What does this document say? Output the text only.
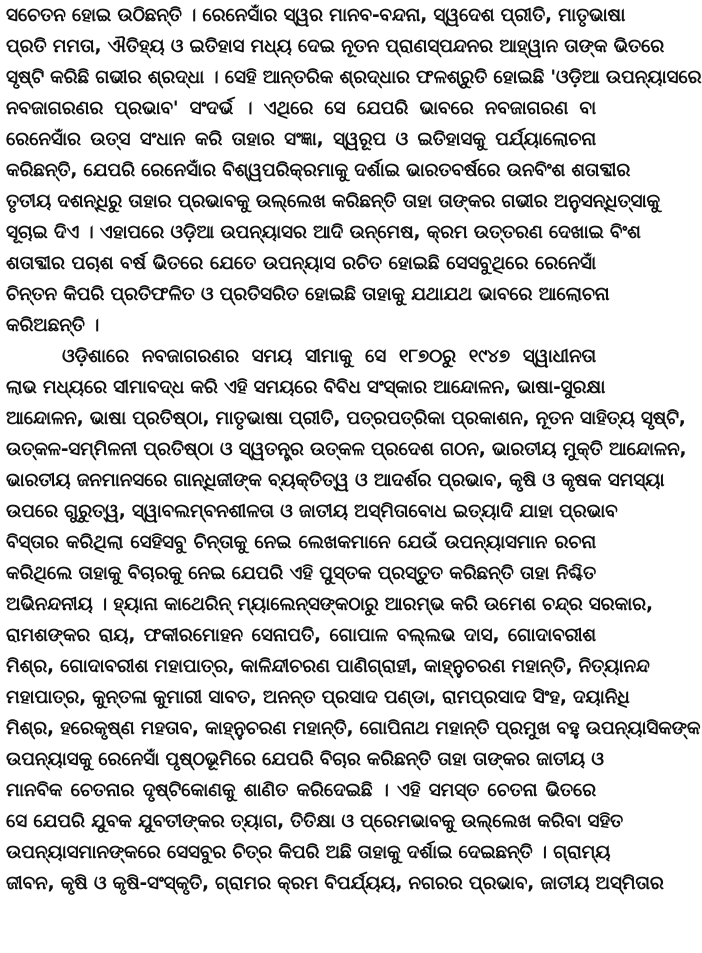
ସଚେତନ ହୋଇ ଉଠିଛନ୍ତି । ରେନେସାଁର ସ୍ୱର ମାନବ-ବନ୍ଦନା, ସ୍ୱଦେଶ ପ୍ରୀତି, ମାତୃଭାଷା
ପ୍ରତି ମମତା, ଐତିହ୍ୟ ଓ ଇତିହାସ ମଧ୍ୟ ଦେଇ ନୂତନ ପ୍ରାଣସ୍ପନ୍ଦନର ଆହ୍ୱାନ ତାଙ୍କ ଭିତରେ
ସୃଷ୍ଟି କରିଛି ଗଭୀର ଶ୍ରଦ୍ଧା । ସେହି ଆନ୍ତରିକ ଶ୍ରଦ୍ଧାର ଫଳଶ୍ରୁତି ହୋଇଛି 'ଓଡ଼ିଆ ଉପନ୍ୟାସରେ
ନବଜାଗରଣର ପ୍ରଭାବ' ସଂଦର୍ଭ । ଏଥିରେ ସେ ଯେପରି ଭାବରେ ନବଜାଗରଣ ବା
ରେନେସାଁର ଉତ୍ସ ସଂଧାନ କରି ତାହାର ସଂଜ୍ଞା, ସ୍ୱରୂପ ଓ ଇତିହାସକୁ ପର୍ଯ୍ୟାଲୋଚନା
କରିଛନ୍ତି, ଯେପରି ରେନେସାଁର ବିଶ୍ୱପରିକ୍ରମାକୁ ଦର୍ଶାଇ ଭାରତବର୍ଷରେ ଉନବିଂଶ ଶତାବ୍ଦୀର
ତୃତୀୟ ଦଶନ୍ଧିରୁ ତାହାର ପ୍ରଭାବକୁ ଉଲ୍ଲେଖ କରିଛନ୍ତି ତାହା ତାଙ୍କର ଗଭୀର ଅନୁସନ୍ଧିତ୍ସାକୁ
ସୂଚାଇ ଦିଏ । ଏହାପରେ ଓଡ଼ିଆ ଉପନ୍ୟାସର ଆଦି ଉନ୍ମେଷ, କ୍ରମ ଉତ୍ତରଣ ଦେଖାଇ ବିଂଶ
ଶତାବ୍ଦୀର ପଚାଶ ବର୍ଷ ଭିତରେ ଯେତେ ଉପନ୍ୟାସ ରଚିତ ହୋଇଛି ସେସବୁଥିରେ ରେନେସାଁ
ଚିନ୍ତନ କିପରି ପ୍ରତିଫଳିତ ଓ ପ୍ରତିସରିତ ହୋଇଛି ତାହାକୁ ଯଥାଯଥ ଭାବରେ ଆଲୋଚନା
କରିଅଛନ୍ତି ।
ଓଡ଼ିଶାରେ ନବଜାଗରଣର ସମୟ ସୀମାକୁ ସେ ୧୮୭୦ରୁ ୧୯୪୭ ସ୍ୱାଧୀନତା
ଲାଭ ମଧ୍ୟରେ ସୀମାବଦ୍ଧ କରି ଏହି ସମୟରେ ବିବିଧ ସଂସ୍କାର ଆନ୍ଦୋଳନ, ଭାଷା-ସୁରକ୍ଷା
ଆନ୍ଦୋଳନ, ଭାଷା ପ୍ରତିଷ୍ଠା, ମାତୃଭାଷା ପ୍ରୀତି, ପତ୍ରପତ୍ରିକା ପ୍ରକାଶନ, ନୂତନ ସାହିତ୍ୟ ସୃଷ୍ଟି,
ଉତ୍କଳ-ସମ୍ମିଳନୀ ପ୍ରତିଷ୍ଠା ଓ ସ୍ୱତନ୍ତ୍ର ଉତ୍କଳ ପ୍ରଦେଶ ଗଠନ, ଭାରତୀୟ ମୁକ୍ତି ଆନ୍ଦୋଳନ,
ଭାରତୀୟ ଜନମାନସରେ ଗାନ୍ଧିଜୀଙ୍କ ବ୍ୟକ୍ତିତ୍ୱ ଓ ଆଦର୍ଶର ପ୍ରଭାବ, କୃଷି ଓ କୃଷକ ସମସ୍ୟା
ଉପରେ ଗୁରୁତ୍ୱ, ସ୍ୱାବଲମ୍ବନଶୀଳତା ଓ ଜାତୀୟ ଅସ୍ମିତାବୋଧ ଇତ୍ୟାଦି ଯାହା ପ୍ରଭାବ
ବିସ୍ତାର କରିଥିଲା ସେହିସବୁ ଚିନ୍ତାକୁ ନେଇ ଲେଖକମାନେ ଯେଉଁ ଉପନ୍ୟାସମାନ ରଚନା
କରିଥିଲେ ତାହାକୁ ବିଚାରକୁ ନେଇ ଯେପରି ଏହି ପୁସ୍ତକ ପ୍ରସ୍ତୁତ କରିଛନ୍ତି ତାହା ନିଶ୍ଚିତ
ଅଭିନନ୍ଦନୀୟ । ହ୍ୟାନା କାଥେରିନ୍ ମ୍ୟାଲେନ୍ସଙ୍କଠାରୁ ଆରମ୍ଭ କରି ଉମେଶ ଚନ୍ଦ୍ର ସରକାର,
ରାମଶଙ୍କର ରାୟ, ଫକୀରମୋହନ ସେନାପତି, ଗୋପାଳ ବଲ୍ଲଭ ଦାସ, ଗୋଦାବରୀଶ
ମିଶ୍ର, ଗୋଦାବରୀଶ ମହାପାତ୍ର, କାଳିନ୍ଦୀଚରଣ ପାଣିଗ୍ରାହୀ, କାହ୍ନୁଚରଣ ମହାନ୍ତି, ନିତ୍ୟାନନ୍ଦ
ମହାପାତ୍ର, କୁନ୍ତଳା କୁମାରୀ ସାବତ, ଅନନ୍ତ ପ୍ରସାଦ ପଣ୍ଡା, ରାମପ୍ରସାଦ ସିଂହ, ଦୟାନିଧି
ମିଶ୍ର, ହରେକୃଷ୍ଣ ମହତାବ, କାହ୍ନୁଚରଣ ମହାନ୍ତି, ଗୋପିନାଥ ମହାନ୍ତି ପ୍ରମୁଖ ବହୁ ଉପନ୍ୟାସିକଙ୍କ
ଉପନ୍ୟାସକୁ ରେନେସାଁ ପୃଷ୍ଠଭୂମିରେ ଯେପରି ବିଚାର କରିଛନ୍ତି ତାହା ତାଙ୍କର ଜାତୀୟ ଓ
ମାନବିକ ଚେତନାର ଦୃଷ୍ଟିକୋଣକୁ ଶାଣିତ କରିଦେଇଛି । ଏହି ସମସ୍ତ ଚେତନା ଭିତରେ
ସେ ଯେପରି ଯୁବକ ଯୁବତୀଙ୍କର ତ୍ୟାଗ, ତିତିକ୍ଷା ଓ ପ୍ରେମଭାବକୁ ଉଲ୍ଲେଖ କରିବା ସହିତ
ଉପନ୍ୟାସମାନଙ୍କରେ ସେସବୁର ଚିତ୍ର କିପରି ଅଛି ତାହାକୁ ଦର୍ଶାଇ ଦେଇଛନ୍ତି । ଗ୍ରାମ୍ୟ
ଜୀବନ, କୃଷି ଓ କୃଷି-ସଂସ୍କୃତି, ଗ୍ରାମର କ୍ରମ ବିପର୍ଯ୍ୟୟ, ନଗରର ପ୍ରଭାବ, ଜାତୀୟ ଅସ୍ମିତାର
